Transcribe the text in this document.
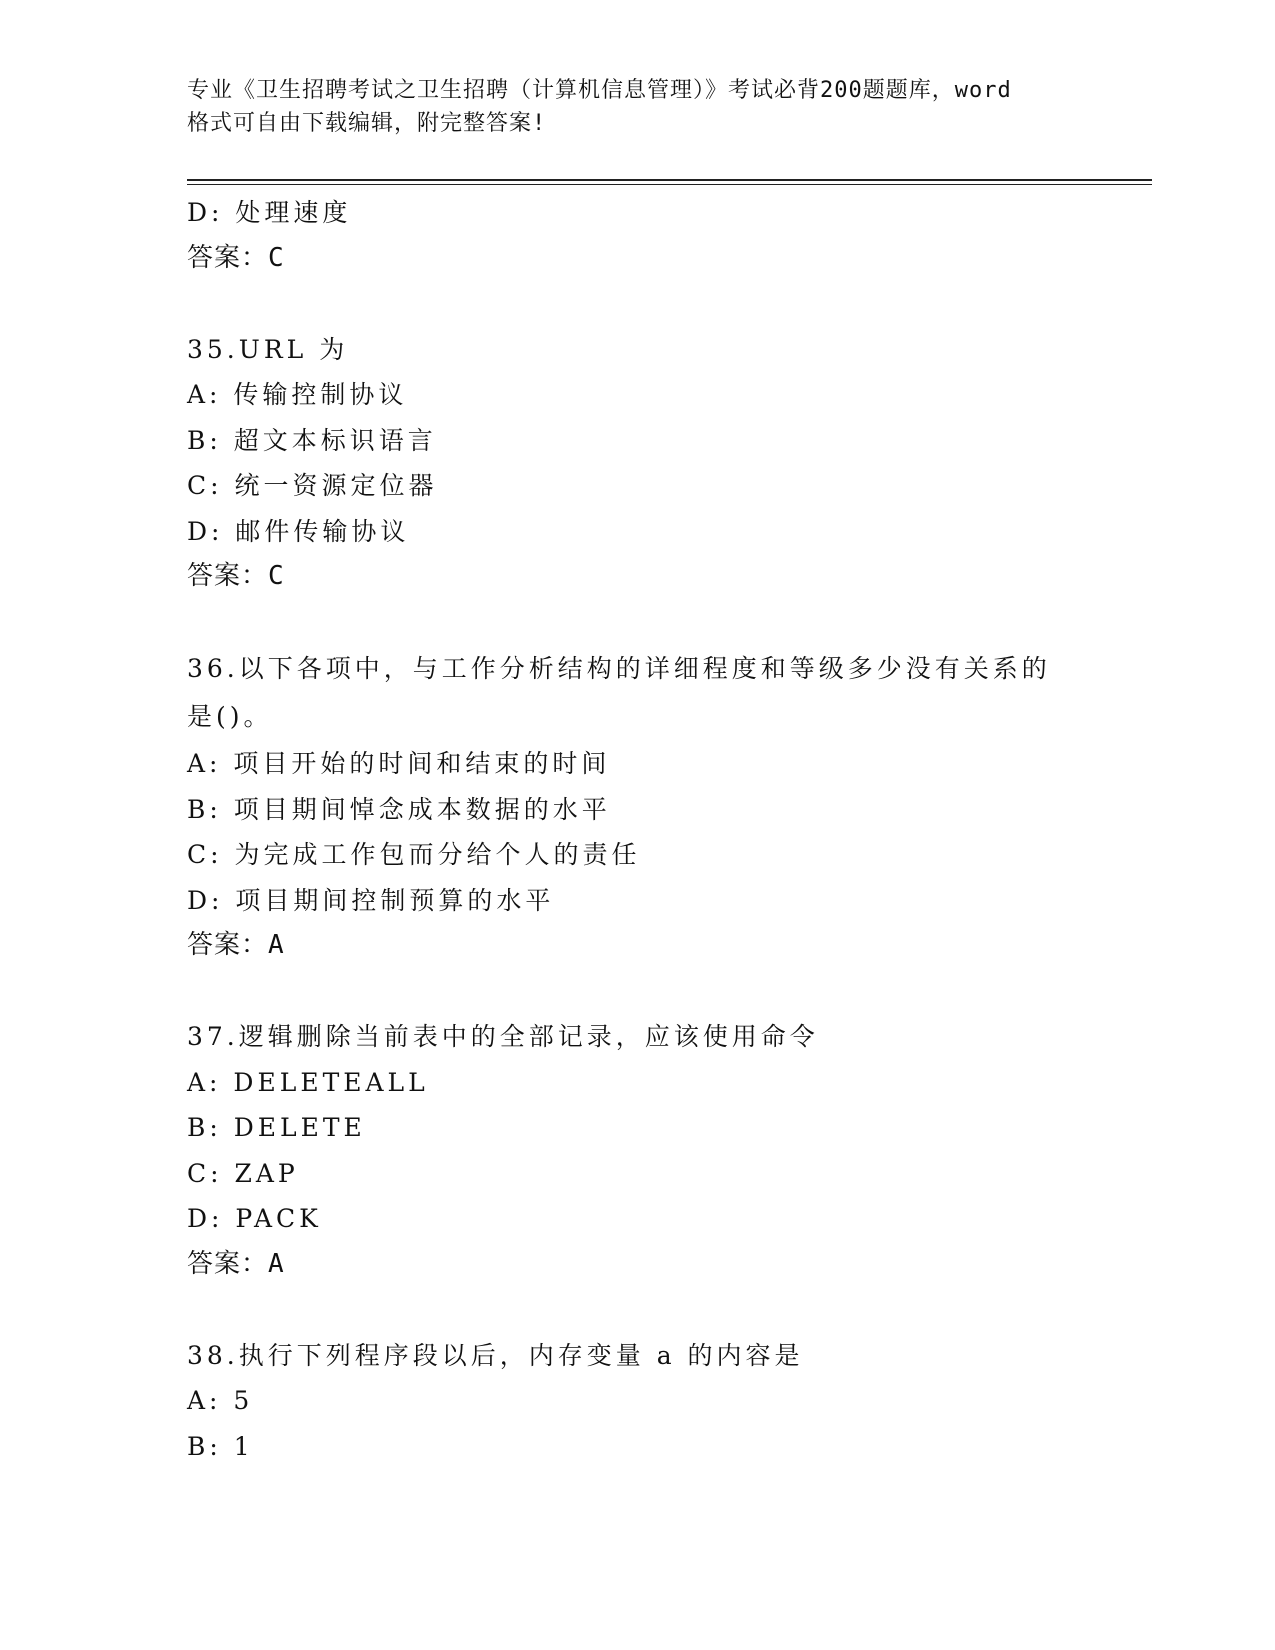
专业《卫生招聘考试之卫生招聘（计算机信息管理）》考试必背200题题库，word
格式可自由下载编辑，附完整答案!
D: 处理速度
答案：C
35.URL 为
A: 传输控制协议
B: 超文本标识语言
C: 统一资源定位器
D: 邮件传输协议
答案：C
36.以下各项中，与工作分析结构的详细程度和等级多少没有关系的是()。
A: 项目开始的时间和结束的时间
B: 项目期间悼念成本数据的水平
C: 为完成工作包而分给个人的责任
D: 项目期间控制预算的水平
答案：A
37.逻辑删除当前表中的全部记录，应该使用命令
A: DELETEALL
B: DELETE
C: ZAP
D: PACK
答案：A
38.执行下列程序段以后，内存变量 a 的内容是
A: 5
B: 1
